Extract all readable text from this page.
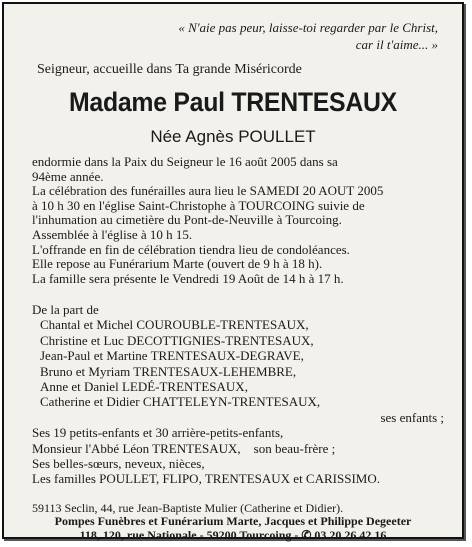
« N'aie pas peur, laisse-toi regarder par le Christ,
car il t'aime... »
Seigneur, accueille dans Ta grande Miséricorde
Madame Paul TRENTESAUX
Née Agnès POULLET
endormie dans la Paix du Seigneur le 16 août 2005 dans sa
94ème année.
La célébration des funérailles aura lieu le SAMEDI 20 AOUT 2005
à 10 h 30 en l'église Saint-Christophe à TOURCOING suivie de
l'inhumation au cimetière du Pont-de-Neuville à Tourcoing.
Assemblée à l'église à 10 h 15.
L'offrande en fin de célébration tiendra lieu de condoléances.
Elle repose au Funérarium Marte (ouvert de 9 h à 18 h).
La famille sera présente le Vendredi 19 Août de 14 h à 17 h.
De la part de
Chantal et Michel COUROUBLE-TRENTESAUX,
Christine et Luc DECOTTIGNIES-TRENTESAUX,
Jean-Paul et Martine TRENTESAUX-DEGRAVE,
Bruno et Myriam TRENTESAUX-LEHEMBRE,
Anne et Daniel LEDÉ-TRENTESAUX,
Catherine et Didier CHATTELEYN-TRENTESAUX,
ses enfants ;
Ses 19 petits-enfants et 30 arrière-petits-enfants,
Monsieur l'Abbé Léon TRENTESAUX,    son beau-frère ;
Ses belles-sœurs, neveux, nièces,
Les familles POULLET, FLIPO, TRENTESAUX et CARISSIMO.
59113 Seclin, 44, rue Jean-Baptiste Mulier (Catherine et Didier).
Pompes Funèbres et Funérarium Marte, Jacques et Philippe Degeeter
118, 120, rue Nationale - 59200 Tourcoing - ✆ 03.20.26.42.16
